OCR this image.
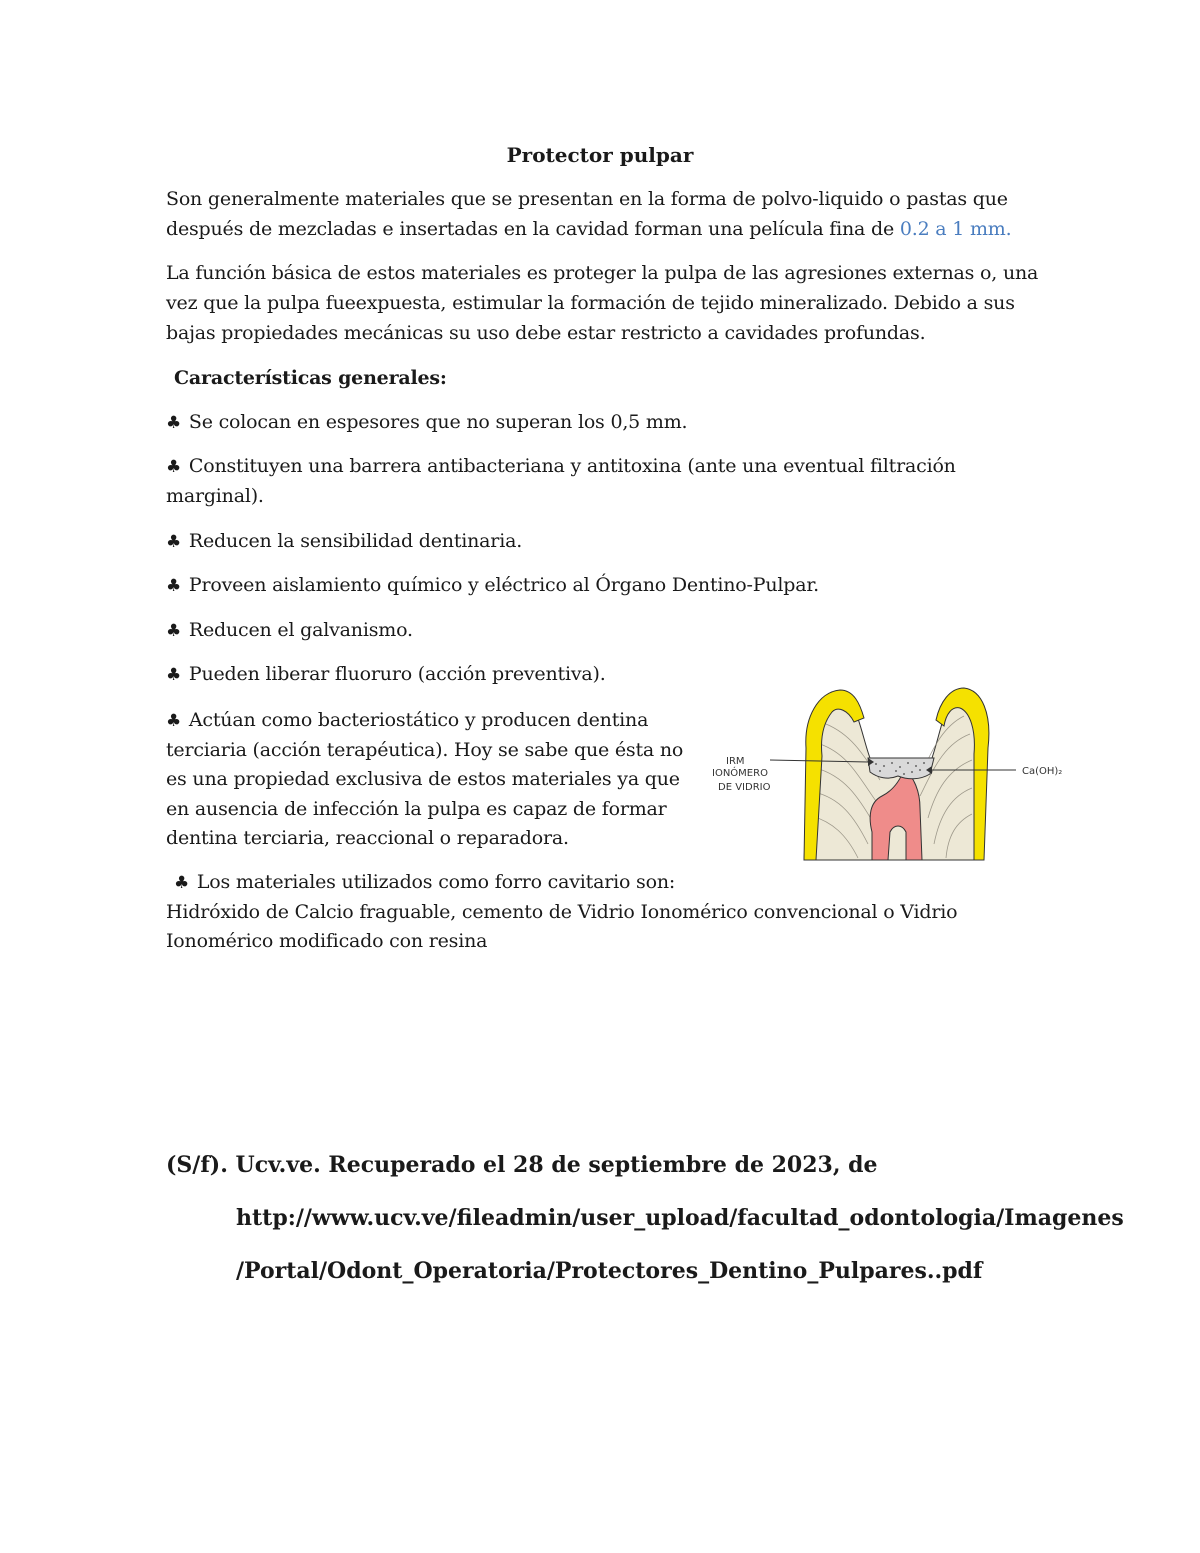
Protector pulpar
Son generalmente materiales que se presentan en la forma de polvo-liquido o pastas que
después de mezcladas e insertadas en la cavidad forman una película fina de 0.2 a 1 mm.
La función básica de estos materiales es proteger la pulpa de las agresiones externas o, una
vez que la pulpa fueexpuesta, estimular la formación de tejido mineralizado. Debido a sus
bajas propiedades mecánicas su uso debe estar restricto a cavidades profundas.
Características generales:
♣ Se colocan en espesores que no superan los 0,5 mm.
♣ Constituyen una barrera antibacteriana y antitoxina (ante una eventual filtración
marginal).
♣ Reducen la sensibilidad dentinaria.
♣ Proveen aislamiento químico y eléctrico al Órgano Dentino-Pulpar.
♣ Reducen el galvanismo.
♣ Pueden liberar fluoruro (acción preventiva).
♣ Actúan como bacteriostático y producen dentina
terciaria (acción terapéutica). Hoy se sabe que ésta no
es una propiedad exclusiva de estos materiales ya que
en ausencia de infección la pulpa es capaz de formar
dentina terciaria, reaccional o reparadora.
♣ Los materiales utilizados como forro cavitario son:
Hidróxido de Calcio fraguable, cemento de Vidrio Ionomérico convencional o Vidrio
Ionomérico modificado con resina
IRM
IONÓMERO
DE VIDRIO
Ca(OH)₂
(S/f). Ucv.ve. Recuperado el 28 de septiembre de 2023, de
http://www.ucv.ve/fileadmin/user_upload/facultad_odontologia/Imagenes
/Portal/Odont_Operatoria/Protectores_Dentino_Pulpares..pdf
